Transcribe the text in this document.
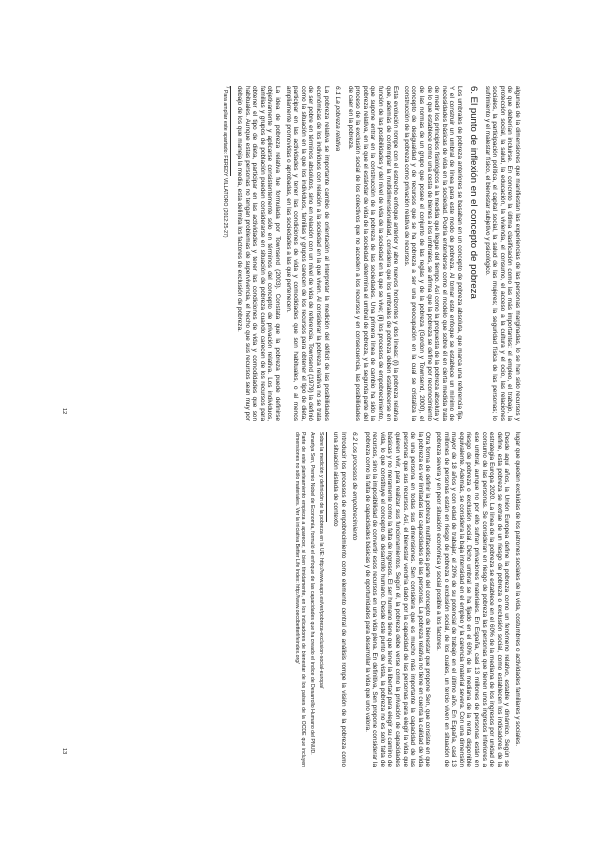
algunas de la dimensiones que manifiestan las experiencias de las personas marginadas, lo se han sido recursos y de que deberían incluirse. En concreto la última clasificación como las más importantes: el empleo, el trabajo, la protección social, la salud, la educación, la vivienda, el consumo, el acceso a la cultura y el ocio, las relaciones sociales, la participación política, el capital social, la salud de las mujeres; la seguridad física de las personas; lo sufrimiento y el malestar físico, el bienestar subjetivo y psicológico.

6. El punto de inflexión en el concepto de pobreza

Los umbrales de pobreza anteriores se basaban en un concepto de pobreza absoluta, que marca una referencia fija. Y el construir un umbral de línea para este modo de pobreza. Al tomar este enfoque se establece un mínimo de necesidades básicas de vida en la sociedad. Podría entenderse como el modelo que sobre él en cierta medida trata de medir los principios fisiológicos a la medida que llegue del tiempo. Así como la propuesta de la pobreza absoluta y de lo que establece como una cesta de bienes a los umbrales, se afirma que la pobreza se define por reconocimiento de las normas de un grupo que posee el conjunto de las reglas y de la pobreza (Gordon y Townsend, 2000), el concepto de desigualdad y de recursos que se ha pobreza a ser una preocupación en la cual se cristaliza la construcción de la pobreza como privación relativa de recursos.

Esta evolución rompe con el estrecho enfoque anterior y abre nuevos horizontes y dos líneas: (i) la pobreza relativa que, además de contemplar la multidimensionalidad, considera que los umbrales de pobreza deben establecerse en función de las posibilidades y del nivel de vida de la sociedad en la que se vive; (ii) los procesos de empobrecimiento, que supone entrar en la construcción de la pobreza de las sociedades. Una primera línea de cambio ha sido la pobreza relativa, en la que el estándar de vida de la sociedad determina el umbral de pobreza, y la segunda parte del proceso de la exclusión social de los colectivos que no acceden a los recursos y en consecuencia, las posibilidades de caer en la pobreza.

6.1 La pobreza relativa

La pobreza relativa se importante cambio de orientación al interpretar la medición del déficit de las posibilidades económicas de los individuos con relación a la sociedad en la que viven. Al considerar la pobreza relativa no se trata de ser pobre en términos absolutos, sino en relación con un nivel de vida de referencia. Townsend (1979) la definió como la situación en la que los individuos, familias y grupos carecen de los recursos para obtener el tipo de dieta, participar en las actividades y tener las condiciones de vida y comodidades que son habituales, o al menos ampliamente promovidas o aprobadas, en las sociedades a las que pertenecen.

La idea de pobreza relativa fue formulada por Townsend (2003). Constata que la pobreza puede definirse objetivamente y aplicarse consistentemente sólo en términos del concepto de privación relativa. Los individuos, familias y grupos de población pueden considerarse en situación de pobreza cuando carecen de los recursos para obtener el tipo de dieta, participar en las actividades y tener las condiciones de vida y comodidades que son habituales. Aunque estas personas no tengan problemas de supervivencia, el hecho que sus recursos sean muy por debajo de los que maneja la media, esta delimita los factores de exclusión de pobreza.

7 Para ampliar este apartado: FEREDY VILLATORO (2012:25-27)

lugar que queden excluidas de los patrones sociales de la vida, costumbres o actividades familiares y sociales.

Desde aquí años, la Unión Europea define la pobreza como un fenómeno relativo, estable y dinámico. Según se define, esta pobreza se extrae de un riesgo de pobreza o exclusión social, como establecen los indicadores de la estrategia Europa 2020. La línea de la pobreza se establece en el 60% de la mediana de los ingresos por unidad de consumo de las personas. Se consideran en riesgo de pobreza las personas que tienen unos ingresos inferiores a ese umbral, aunque no por ello sufran privaciones materiales. En España, casi 13 millones de personas están en riesgo de pobreza o exclusión social. Dicho umbral se ha fijado en el 60% de la mediana de la renta disponible equivalente. Además, se considera la baja intensidad en el empleo y la carencia material severa. Con una dimensión mayor de 18 años y con edad de trabajar, el 20% de su potencial de trabajo en el último año. En España, casi 13 millones de personas están en riesgo de pobreza o exclusión social, de los cuales, un tercio viven en situación de pobreza severa y en peor situación económica y social posible a los factores.

Otra forma de definir la pobreza multifacetica parte del concepto de bienestar que propone Sen, que consiste en que la pobreza es ver limitadas las capacidades de las personas. La pobreza relativa no tiene en cuenta la calidad de vida de una persona en todas sus dimensiones. Sen considera que es mucho más importante la capacidad de las personas que sus recursos. Así, el bienestar vendría dado por la capacidad de las personas para elegir la vida que quieren vivir, para realizar sus funcionamientos. Según él, la pobreza debe verse como la privación de capacidades básicas y no meramente como la falta de ingresos. El ser humano tiene que tener la libertad para elegir su camino de vida, lo que constituye el concepto de desarrollo humano. Desde este punto de vista, la pobreza no es solo falta de recursos, sino la imposibilidad de convertir esos recursos en una vida plena. En definitiva, Sen propone considerar la pobreza como la falta de capacidades básicas y de oportunidades para desarrollar la vida que uno valora.

6.2 Los procesos de empobrecimiento

Introducir los procesos de empobrecimiento como elemento central de análisis rompe la visión de la pobreza como una situación aislada de contexto

Sobre la medición y definición de la pobreza en la UE: http://www.eapn.es/ver/pobreza-exclusion-social-europa/

Amartya Sen, Premio Nobel de Economía, formuló el enfoque de las capacidades que ha creado el índice de Desarrollo Humano del PNUD.

Parte de este planteamiento empieza a aparecer, si bien tímidamente, en los indicadores de bienestar de los países de la OCDE que incluyen dimensiones no sólo materiales. Ver la iniciativa Better Life Index: http://www.oecdbetterlifeindex.org/

12
13
